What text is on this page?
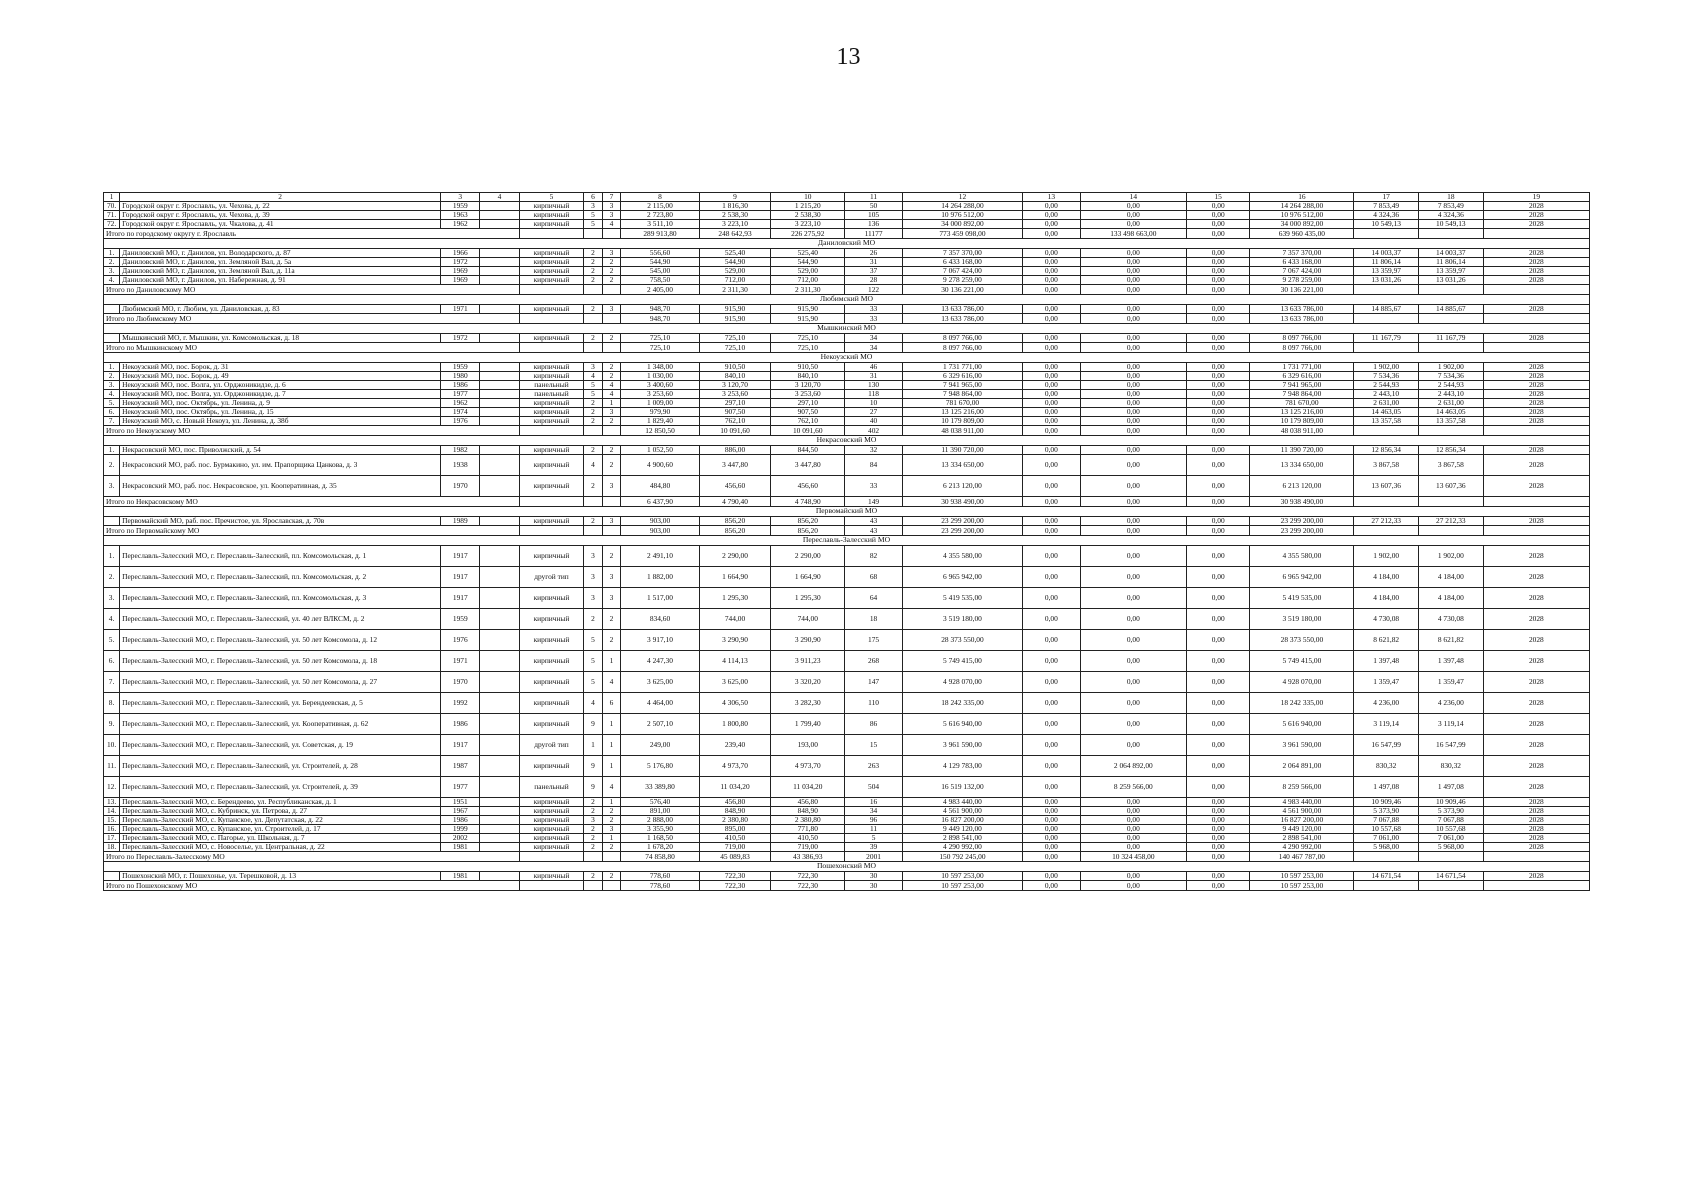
13
1	2	3	4	5	6	7	8	9	10	11	12	13	14	15	16	17	18	19
70.	Городской округ г. Ярославль, ул. Чехова, д. 22	1959		кирпичный	3	3	2 115,00	1 816,30	1 215,20	50	14 264 288,00	0,00	0,00	0,00	14 264 288,00	7 853,49	7 853,49	2028
71.	Городской округ г. Ярославль, ул. Чехова, д. 39	1963		кирпичный	5	3	2 723,80	2 538,30	2 538,30	105	10 976 512,00	0,00	0,00	0,00	10 976 512,00	4 324,36	4 324,36	2028
72.	Городской округ г. Ярославль, ул. Чкалова, д. 41	1962		кирпичный	5	4	3 511,10	3 223,10	3 223,10	136	34 000 892,00	0,00	0,00	0,00	34 000 892,00	10 549,13	10 549,13	2028
Итого по городскому округу г. Ярославль							289 913,80	248 642,93	226 275,92	11177	773 459 098,00	0,00	133 498 663,00	0,00	639 960 435,00			
Даниловский МО																		
1.	Даниловский МО, г. Данилов, ул. Володарского, д. 87	1966		кирпичный	2	3	556,60	525,40	525,40	26	7 357 370,00	0,00	0,00	0,00	7 357 370,00	14 003,37	14 003,37	2028
2.	Даниловский МО, г. Данилов, ул. Земляной Вал, д. 5а	1972		кирпичный	2	2	544,90	544,90	544,90	31	6 433 168,00	0,00	0,00	0,00	6 433 168,00	11 806,14	11 806,14	2028
3.	Даниловский МО, г. Данилов, ул. Земляной Вал, д. 11а	1969		кирпичный	2	2	545,00	529,00	529,00	37	7 067 424,00	0,00	0,00	0,00	7 067 424,00	13 359,97	13 359,97	2028
4.	Даниловский МО, г. Данилов, ул. Набережная, д. 91	1969		кирпичный	2	2	758,50	712,00	712,00	28	9 278 259,00	0,00	0,00	0,00	9 278 259,00	13 031,26	13 031,26	2028
Итого по Даниловскому МО							2 405,00	2 311,30	2 311,30	122	30 136 221,00	0,00	0,00	0,00	30 136 221,00			
Любимский МО																		
	Любимский МО, г. Любим, ул. Даниловская, д. 83	1971		кирпичный	2	3	948,70	915,90	915,90	33	13 633 786,00	0,00	0,00	0,00	13 633 786,00	14 885,67	14 885,67	2028
Итого по Любимскому МО							948,70	915,90	915,90	33	13 633 786,00	0,00	0,00	0,00	13 633 786,00			
Мышкинский МО																		
	Мышкинский МО, г. Мышкин, ул. Комсомольская, д. 18	1972		кирпичный	2	2	725,10	725,10	725,10	34	8 097 766,00	0,00	0,00	0,00	8 097 766,00	11 167,79	11 167,79	2028
Итого по Мышкинскому МО							725,10	725,10	725,10	34	8 097 766,00	0,00	0,00	0,00	8 097 766,00			
Некоузский МО																		
1.	Некоузский МО, пос. Борок, д. 31	1959		кирпичный	3	2	1 348,00	910,50	910,50	46	1 731 771,00	0,00	0,00	0,00	1 731 771,00	1 902,00	1 902,00	2028
2.	Некоузский МО, пос. Борок, д. 49	1980		кирпичный	4	2	1 030,00	840,10	840,10	31	6 329 616,00	0,00	0,00	0,00	6 329 616,00	7 534,36	7 534,36	2028
3.	Некоузский МО, пос. Волга, ул. Орджоникидзе, д. 6	1986		панельный	5	4	3 400,60	3 120,70	3 120,70	130	7 941 965,00	0,00	0,00	0,00	7 941 965,00	2 544,93	2 544,93	2028
4.	Некоузский МО, пос. Волга, ул. Орджоникидзе, д. 7	1977		панельный	5	4	3 253,60	3 253,60	3 253,60	118	7 948 864,00	0,00	0,00	0,00	7 948 864,00	2 443,10	2 443,10	2028
5.	Некоузский МО, пос. Октябрь, ул. Ленина, д. 9	1962		кирпичный	2	1	1 009,00	297,10	297,10	10	781 670,00	0,00	0,00	0,00	781 670,00	2 631,00	2 631,00	2028
6.	Некоузский МО, пос. Октябрь, ул. Ленина, д. 15	1974		кирпичный	2	3	979,90	907,50	907,50	27	13 125 216,00	0,00	0,00	0,00	13 125 216,00	14 463,05	14 463,05	2028
7.	Некоузский МО, с. Новый Некоуз, ул. Ленина, д. 38б	1976		кирпичный	2	2	1 829,40	762,10	762,10	40	10 179 809,00	0,00	0,00	0,00	10 179 809,00	13 357,58	13 357,58	2028
Итого по Некоузскому МО							12 850,50	10 091,60	10 091,60	402	48 038 911,00	0,00	0,00	0,00	48 038 911,00			
Некрасовский МО																		
1.	Некрасовский МО, пос. Приволжский, д. 54	1982		кирпичный	2	2	1 052,50	886,00	844,50	32	11 390 720,00	0,00	0,00	0,00	11 390 720,00	12 856,34	12 856,34	2028
2.	Некрасовский МО, раб. пос. Бурмакино, ул. им. Прапорщика Цанкова, д. 3	1938		кирпичный	4	2	4 900,60	3 447,80	3 447,80	84	13 334 650,00	0,00	0,00	0,00	13 334 650,00	3 867,58	3 867,58	2028
3.	Некрасовский МО, раб. пос. Некрасовское, ул. Кооперативная, д. 35	1970		кирпичный	2	3	484,80	456,60	456,60	33	6 213 120,00	0,00	0,00	0,00	6 213 120,00	13 607,36	13 607,36	2028
Итого по Некрасовскому МО							6 437,90	4 790,40	4 748,90	149	30 938 490,00	0,00	0,00	0,00	30 938 490,00			
Первомайский МО																		
	Первомайский МО, раб. пос. Пречистое, ул. Ярославская, д. 70в	1989		кирпичный	2	3	903,00	856,20	856,20	43	23 299 200,00	0,00	0,00	0,00	23 299 200,00	27 212,33	27 212,33	2028
Итого по Первомайскому МО							903,00	856,20	856,20	43	23 299 200,00	0,00	0,00	0,00	23 299 200,00			
Переславль-Залесский МО																		
1.	Переславль-Залесский МО, г. Переславль-Залесский, пл. Комсомольская, д. 1	1917		кирпичный	3	2	2 491,10	2 290,00	2 290,00	82	4 355 580,00	0,00	0,00	0,00	4 355 580,00	1 902,00	1 902,00	2028
2.	Переславль-Залесский МО, г. Переславль-Залесский, пл. Комсомольская, д. 2	1917		другой тип	3	3	1 882,00	1 664,90	1 664,90	68	6 965 942,00	0,00	0,00	0,00	6 965 942,00	4 184,00	4 184,00	2028
3.	Переславль-Залесский МО, г. Переславль-Залесский, пл. Комсомольская, д. 3	1917		кирпичный	3	3	1 517,00	1 295,30	1 295,30	64	5 419 535,00	0,00	0,00	0,00	5 419 535,00	4 184,00	4 184,00	2028
4.	Переславль-Залесский МО, г. Переславль-Залесский, ул. 40 лет ВЛКСМ, д. 2	1959		кирпичный	2	2	834,60	744,00	744,00	18	3 519 180,00	0,00	0,00	0,00	3 519 180,00	4 730,08	4 730,08	2028
5.	Переславль-Залесский МО, г. Переславль-Залесский, ул. 50 лет Комсомола, д. 12	1976		кирпичный	5	2	3 917,10	3 290,90	3 290,90	175	28 373 550,00	0,00	0,00	0,00	28 373 550,00	8 621,82	8 621,82	2028
6.	Переславль-Залесский МО, г. Переславль-Залесский, ул. 50 лет Комсомола, д. 18	1971		кирпичный	5	1	4 247,30	4 114,13	3 911,23	268	5 749 415,00	0,00	0,00	0,00	5 749 415,00	1 397,48	1 397,48	2028
7.	Переславль-Залесский МО, г. Переславль-Залесский, ул. 50 лет Комсомола, д. 27	1970		кирпичный	5	4	3 625,00	3 625,00	3 320,20	147	4 928 070,00	0,00	0,00	0,00	4 928 070,00	1 359,47	1 359,47	2028
8.	Переславль-Залесский МО, г. Переславль-Залесский, ул. Берендеевская, д. 5	1992		кирпичный	4	6	4 464,00	4 306,50	3 282,30	110	18 242 335,00	0,00	0,00	0,00	18 242 335,00	4 236,00	4 236,00	2028
9.	Переславль-Залесский МО, г. Переславль-Залесский, ул. Кооперативная, д. 62	1986		кирпичный	9	1	2 507,10	1 800,80	1 799,40	86	5 616 940,00	0,00	0,00	0,00	5 616 940,00	3 119,14	3 119,14	2028
10.	Переславль-Залесский МО, г. Переславль-Залесский, ул. Советская, д. 19	1917		другой тип	1	1	249,00	239,40	193,00	15	3 961 590,00	0,00	0,00	0,00	3 961 590,00	16 547,99	16 547,99	2028
11.	Переславль-Залесский МО, г. Переславль-Залесский, ул. Строителей, д. 28	1987		кирпичный	9	1	5 176,80	4 973,70	4 973,70	263	4 129 783,00	0,00	2 064 892,00	0,00	2 064 891,00	830,32	830,32	2028
12.	Переславль-Залесский МО, г. Переславль-Залесский, ул. Строителей, д. 39	1977		панельный	9	4	33 389,80	11 034,20	11 034,20	504	16 519 132,00	0,00	8 259 566,00	0,00	8 259 566,00	1 497,08	1 497,08	2028
13.	Переславль-Залесский МО, с. Берендеево, ул. Республиканская, д. 1	1951		кирпичный	2	1	576,40	456,80	456,80	16	4 983 440,00	0,00	0,00	0,00	4 983 440,00	10 909,46	10 909,46	2028
14.	Переславль-Залесский МО, с. Кубринск, ул. Петрова, д. 27	1967		кирпичный	2	2	891,00	848,90	848,90	34	4 561 900,00	0,00	0,00	0,00	4 561 900,00	5 373,90	5 373,90	2028
15.	Переславль-Залесский МО, с. Купанское, ул. Депутатская, д. 22	1986		кирпичный	3	2	2 888,00	2 380,80	2 380,80	96	16 827 200,00	0,00	0,00	0,00	16 827 200,00	7 067,88	7 067,88	2028
16.	Переславль-Залесский МО, с. Купанское, ул. Строителей, д. 17	1999		кирпичный	2	3	3 355,90	895,00	771,80	11	9 449 120,00	0,00	0,00	0,00	9 449 120,00	10 557,68	10 557,68	2028
17.	Переславль-Залесский МО, с. Пагорье, ул. Школьная, д. 7	2002		кирпичный	2	1	1 168,50	410,50	410,50	5	2 898 541,00	0,00	0,00	0,00	2 898 541,00	7 061,00	7 061,00	2028
18.	Переславль-Залесский МО, с. Новоселье, ул. Центральная, д. 22	1981		кирпичный	2	2	1 678,20	719,00	719,00	39	4 290 992,00	0,00	0,00	0,00	4 290 992,00	5 968,00	5 968,00	2028
Итого по Переславль-Залесскому МО							74 858,80	45 089,83	43 386,93	2001	150 792 245,00	0,00	10 324 458,00	0,00	140 467 787,00			
Пошехонский МО																		
	Пошехонский МО, г. Пошехонье, ул. Терешковой, д. 13	1981		кирпичный	2	2	778,60	722,30	722,30	30	10 597 253,00	0,00	0,00	0,00	10 597 253,00	14 671,54	14 671,54	2028
Итого по Пошехонскому МО							778,60	722,30	722,30	30	10 597 253,00	0,00	0,00	0,00	10 597 253,00			
